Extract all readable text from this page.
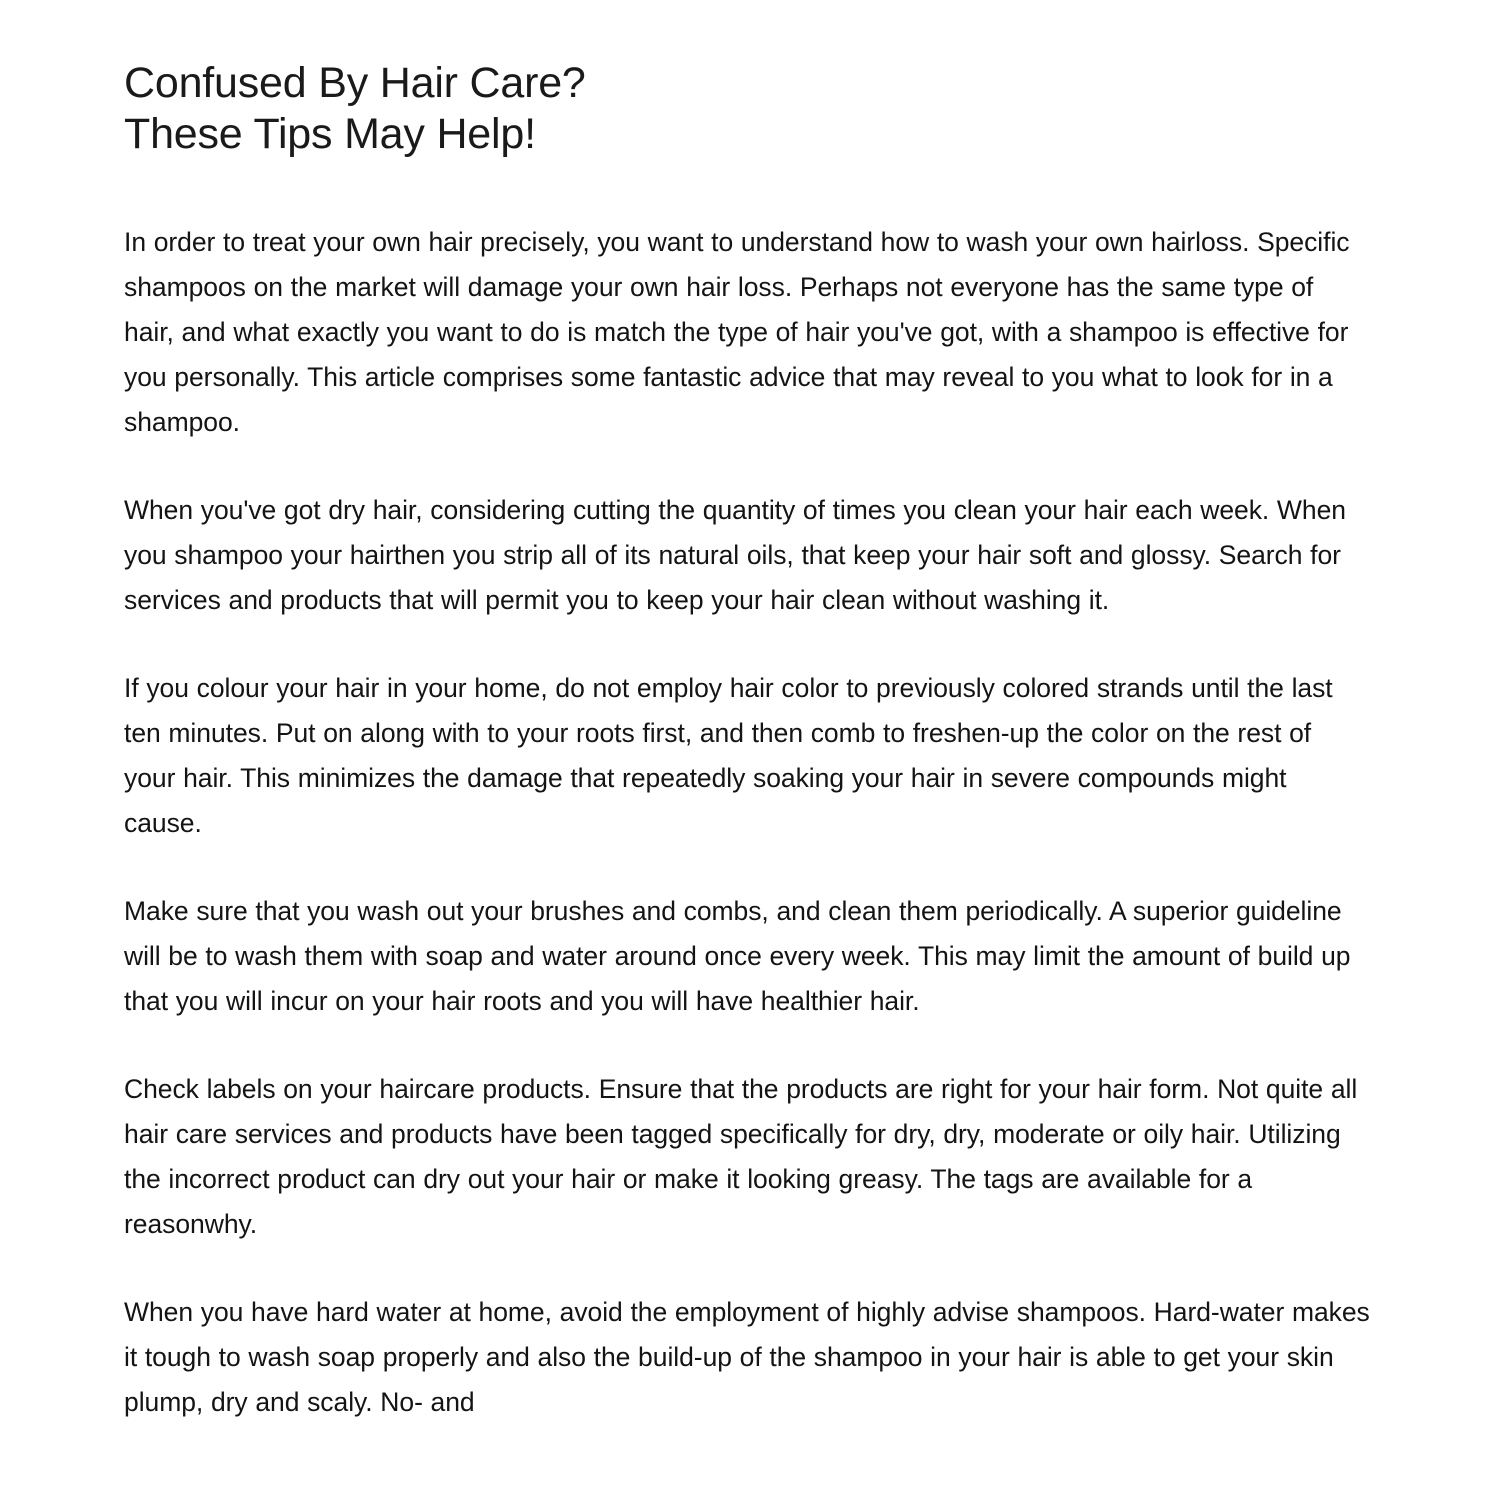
Confused By Hair Care?
These Tips May Help!

In order to treat your own hair precisely, you want to understand how to wash your own hairloss. Specific shampoos on the market will damage your own hair loss. Perhaps not everyone has the same type of hair, and what exactly you want to do is match the type of hair you've got, with a shampoo is effective for you personally. This article comprises some fantastic advice that may reveal to you what to look for in a shampoo.

When you've got dry hair, considering cutting the quantity of times you clean your hair each week. When you shampoo your hairthen you strip all of its natural oils, that keep your hair soft and glossy. Search for services and products that will permit you to keep your hair clean without washing it.

If you colour your hair in your home, do not employ hair color to previously colored strands until the last ten minutes. Put on along with to your roots first, and then comb to freshen-up the color on the rest of your hair. This minimizes the damage that repeatedly soaking your hair in severe compounds might cause.

Make sure that you wash out your brushes and combs, and clean them periodically. A superior guideline will be to wash them with soap and water around once every week. This may limit the amount of build up that you will incur on your hair roots and you will have healthier hair.

Check labels on your haircare products. Ensure that the products are right for your hair form. Not quite all hair care services and products have been tagged specifically for dry, dry, moderate or oily hair. Utilizing the incorrect product can dry out your hair or make it looking greasy. The tags are available for a reasonwhy.

When you have hard water at home, avoid the employment of highly advise shampoos. Hard-water makes it tough to wash soap properly and also the build-up of the shampoo in your hair is able to get your skin plump, dry and scaly. No- and
